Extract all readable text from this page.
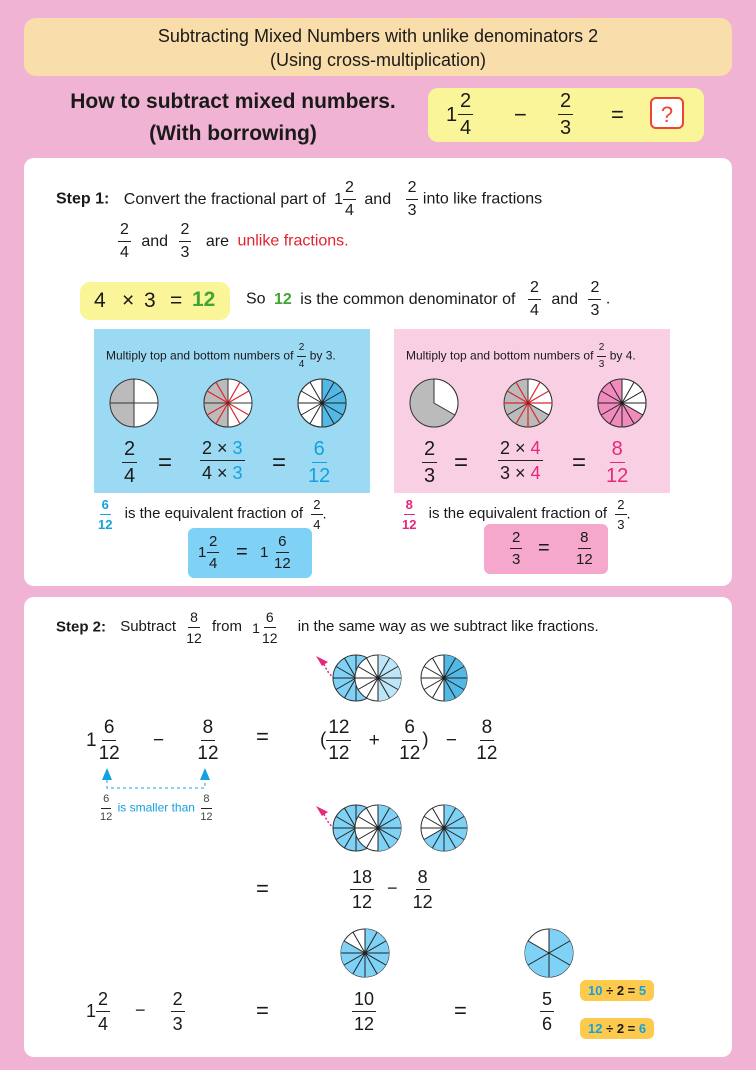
Subtracting Mixed Numbers with unlike denominators 2
(Using cross-multiplication)
How to subtract mixed numbers.
(With borrowing)
$1 \frac{2}{4} - \frac{2}{3}$ =	?
Step 1: Convert the fractional part of $1 \frac{2}{4}$ and $\frac{2}{3}$ into like fractions
$\frac{2}{4}$ and $\frac{2}{3}$ are unlike fractions.
4 × 3 = 12 So 12 is the common denominator of $\frac{2}{4}$ and $\frac{2}{3}$ .
Multiply top and bottom numbers of $\frac{2}{4}$ by 3.
$\frac{2}{4} = \frac{2 \times 3}{4 \times 3} = \frac{6}{12}$
Multiply top and bottom numbers of $\frac{2}{3}$ by 4.
$\frac{2}{3} = \frac{2 \times 4}{3 \times 4} = \frac{8}{12}$
$\frac{6}{12}$ is the equivalent fraction of $\frac{2}{4}$ .	$\frac{8}{12}$ is the equivalent fraction of $\frac{2}{3}$ .
$1 \frac{2}{4} = 1 \frac{6}{12}$	$\frac{2}{3} = \frac{8}{12}$
Step 2: Subtract $\frac{8}{12}$ from $1 \frac{6}{12}$ in the same way as we subtract like fractions.
$1 \frac{6}{12} - \frac{8}{12}$ =	( $\frac{12}{12} + \frac{6}{12}$ ) − $\frac{8}{12}$
$\frac{6}{12}$ is smaller than $\frac{8}{12}$
=	$\frac{18}{12} - \frac{8}{12}$
$1 \frac{2}{4} - \frac{2}{3}$	=	$\frac{10}{12}$	=	$\frac{5}{6}$	10 ÷ 2 = 5
12 ÷ 2 = 6
